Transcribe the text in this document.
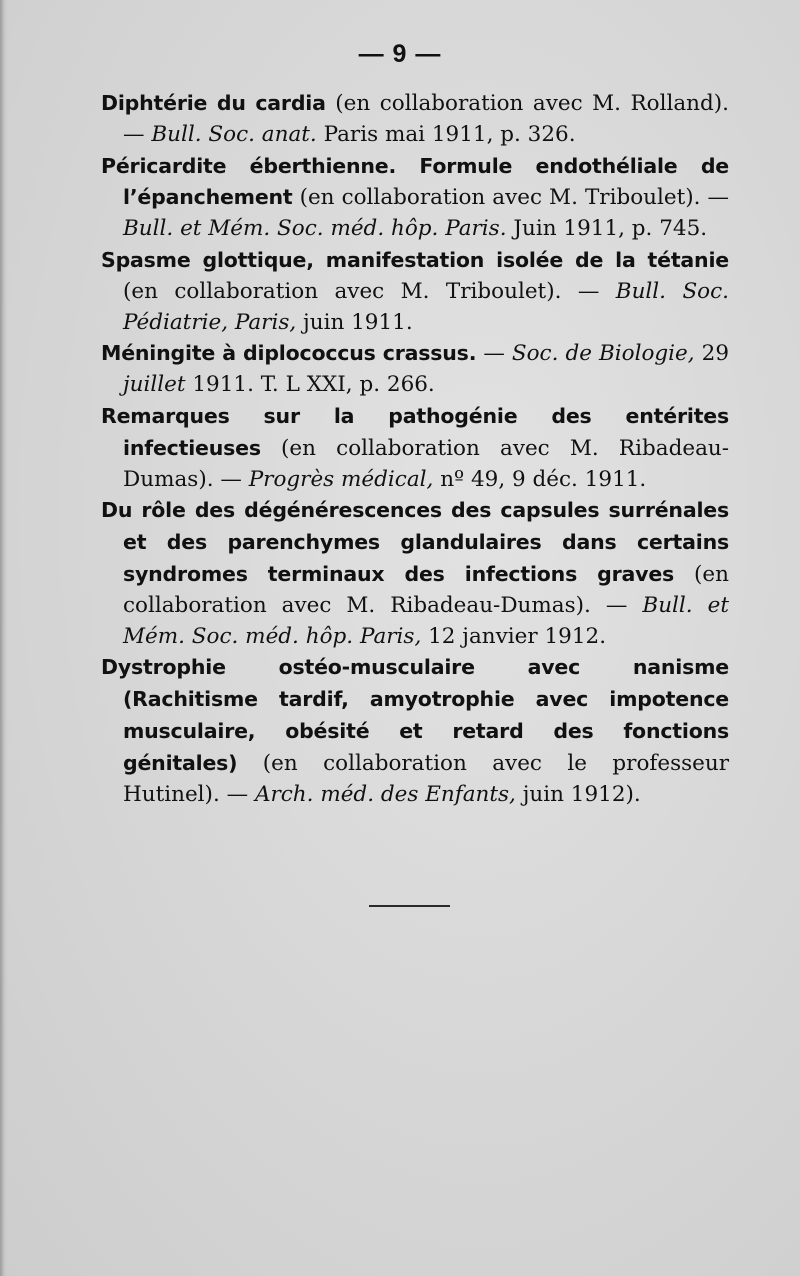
— 9 —

Diphtérie du cardia (en collaboration avec M. Rolland). — Bull. Soc. anat. Paris mai 1911, p. 326.

Péricardite éberthienne. Formule endothéliale de l’épanchement (en collaboration avec M. Triboulet). — Bull. et Mém. Soc. méd. hôp. Paris. Juin 1911, p. 745.

Spasme glottique, manifestation isolée de la tétanie (en collaboration avec M. Triboulet). — Bull. Soc. Pédiatrie, Paris, juin 1911.

Méningite à diplococcus crassus. — Soc. de Biologie, 29 juillet 1911. T. L XXI, p. 266.

Remarques sur la pathogénie des entérites infectieuses (en collaboration avec M. Ribadeau-Dumas). — Progrès médical, nº 49, 9 déc. 1911.

Du rôle des dégénérescences des capsules surrénales et des parenchymes glandulaires dans certains syndromes terminaux des infections graves (en collaboration avec M. Ribadeau-Dumas). — Bull. et Mém. Soc. méd. hôp. Paris, 12 janvier 1912.

Dystrophie ostéo-musculaire avec nanisme (Rachitisme tardif, amyotrophie avec impotence musculaire, obésité et retard des fonctions génitales) (en collaboration avec le professeur Hutinel). — Arch. méd. des Enfants, juin 1912).
